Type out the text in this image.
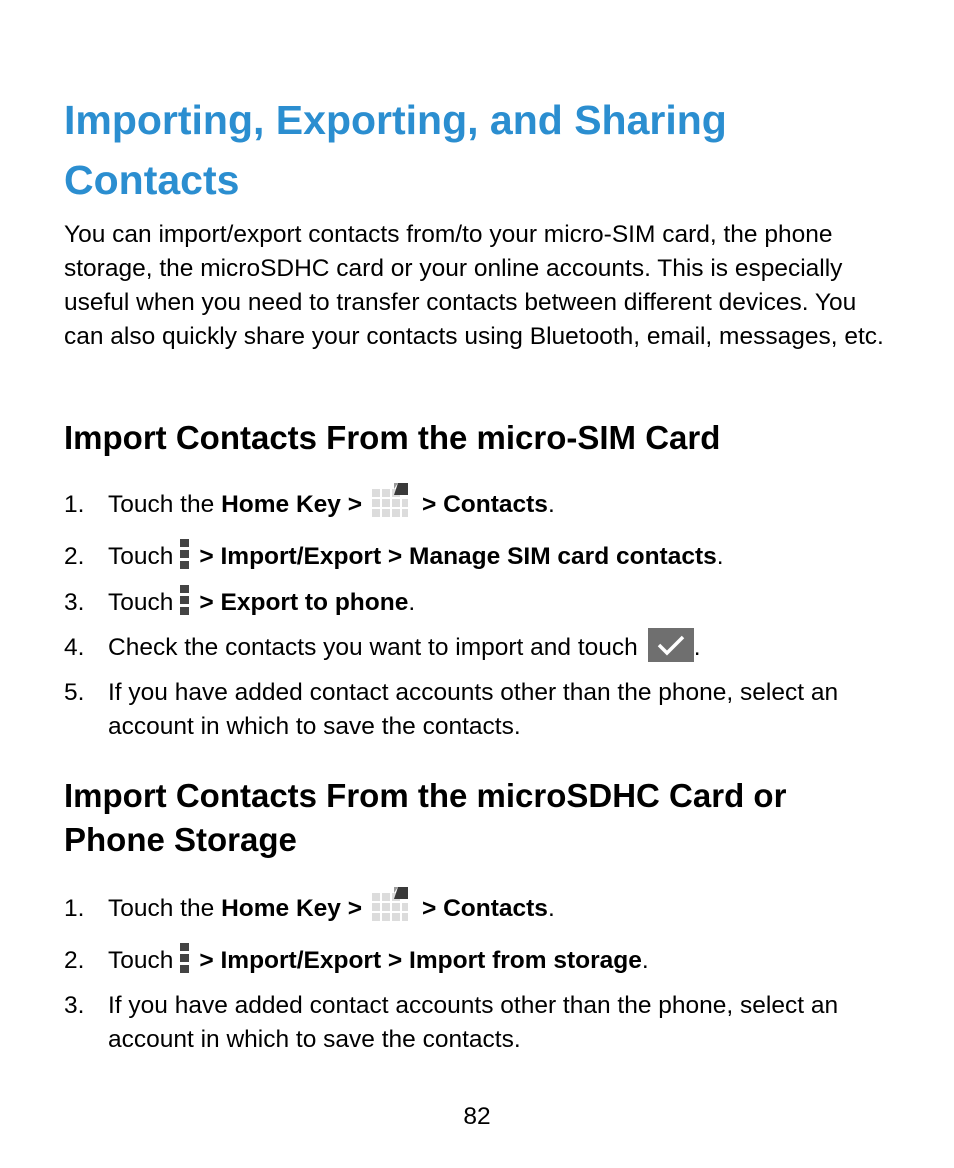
Importing, Exporting, and Sharing Contacts

You can import/export contacts from/to your micro-SIM card, the phone storage, the microSDHC card or your online accounts. This is especially useful when you need to transfer contacts between different devices. You can also quickly share your contacts using Bluetooth, email, messages, etc.

Import Contacts From the micro-SIM Card
1. Touch the Home Key > > Contacts.
2. Touch > Import/Export > Manage SIM card contacts.
3. Touch > Export to phone.
4. Check the contacts you want to import and touch .
5. If you have added contact accounts other than the phone, select an account in which to save the contacts.
Import Contacts From the microSDHC Card or Phone Storage
1. Touch the Home Key > > Contacts.
2. Touch > Import/Export > Import from storage.
3. If you have added contact accounts other than the phone, select an account in which to save the contacts.
82
